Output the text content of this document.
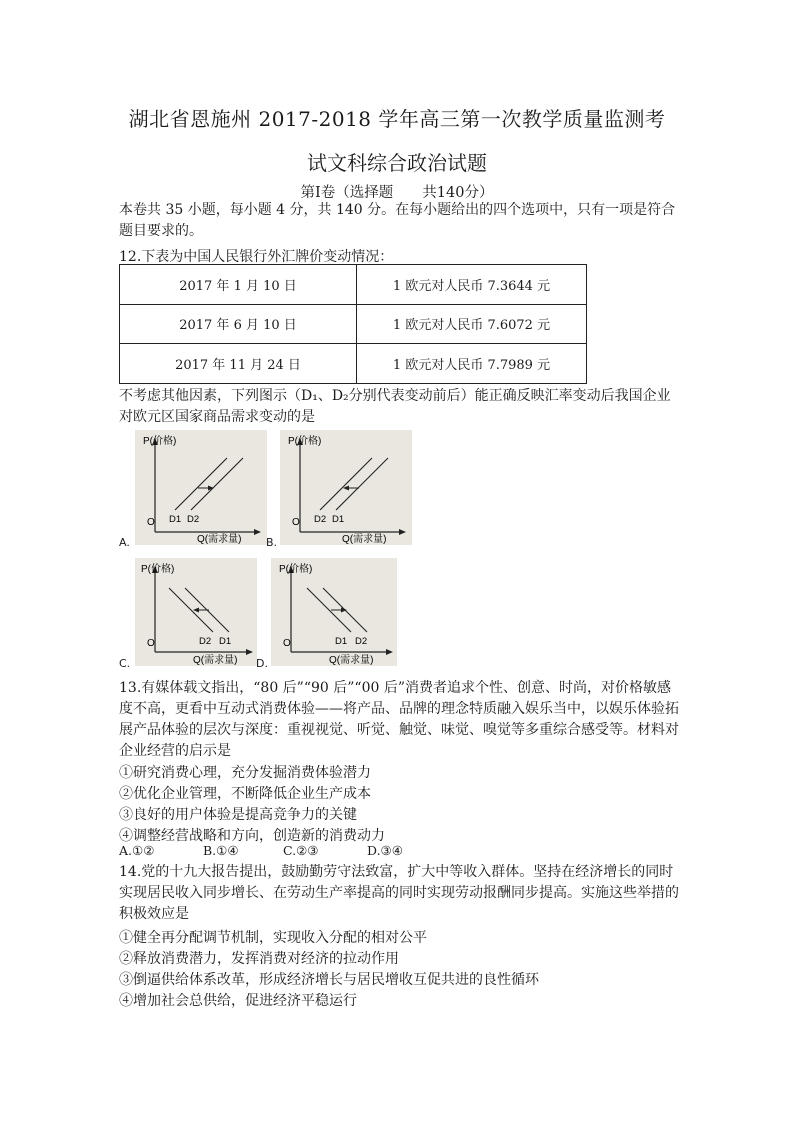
湖北省恩施州 2017-2018 学年高三第一次教学质量监测考
试文科综合政治试题
第Ⅰ卷（选择题　　共140分）
本卷共 35 小题，每小题 4 分，共 140 分。在每小题给出的四个选项中，只有一项是符合题目要求的。
12.下表为中国人民银行外汇牌价变动情况：
2017 年 1 月 10 日	1 欧元对人民币 7.3644 元
2017 年 6 月 10 日	1 欧元对人民币 7.6072 元
2017 年 11 月 24 日	1 欧元对人民币 7.7989 元
不考虑其他因素，下列图示（D₁、D₂分别代表变动前后）能正确反映汇率变动后我国企业对欧元区国家商品需求变动的是
P(价格)
O D1 D2
Q(需求量)
A.
P(价格)
O D2 D1
Q(需求量)
B.
P(价格)
O	D2 D1
Q(需求量)
C.
P(价格)
O	D1 D2
Q(需求量)
D.
13.有媒体载文指出，“80 后”“90 后”“00 后”消费者追求个性、创意、时尚，对价格敏感度不高，更看中互动式消费体验——将产品、品牌的理念特质融入娱乐当中，以娱乐体验拓展产品体验的层次与深度：重视视觉、听觉、触觉、味觉、嗅觉等多重综合感受等。材料对企业经营的启示是
①研究消费心理，充分发掘消费体验潜力
②优化企业管理，不断降低企业生产成本
③良好的用户体验是提高竞争力的关键
④调整经营战略和方向，创造新的消费动力
A.①②	B.①④	C.②③	D.③④
14.党的十九大报告提出，鼓励勤劳守法致富，扩大中等收入群体。坚持在经济增长的同时实现居民收入同步增长、在劳动生产率提高的同时实现劳动报酬同步提高。实施这些举措的积极效应是
①健全再分配调节机制，实现收入分配的相对公平
②释放消费潜力，发挥消费对经济的拉动作用
③倒逼供给体系改革，形成经济增长与居民增收互促共进的良性循环
④增加社会总供给，促进经济平稳运行
